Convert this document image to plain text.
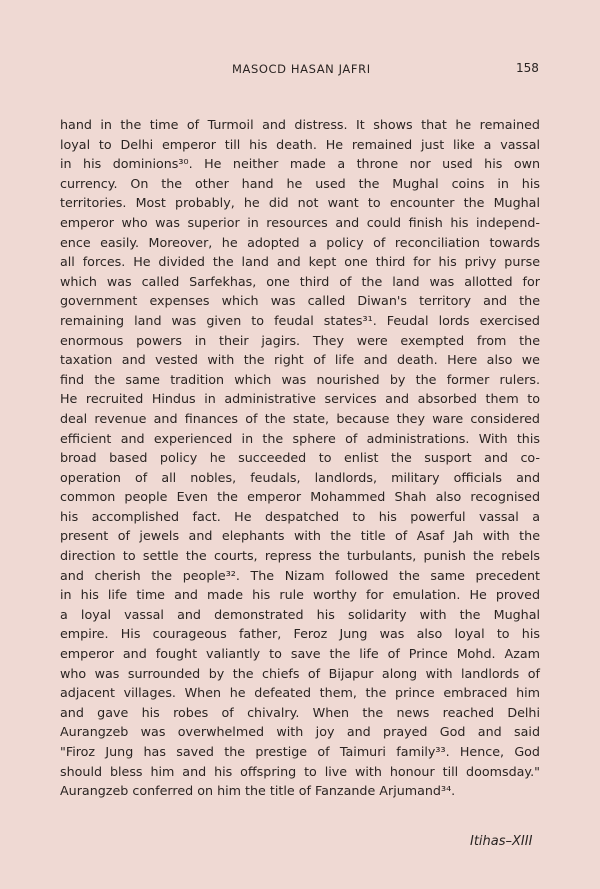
MASOCD HASAN JAFRI	158
hand in the time of Turmoil and distress. It shows that he remained
loyal to Delhi emperor till his death. He remained just like a vassal
in his dominions³⁰. He neither made a throne nor used his own
currency. On the other hand he used the Mughal coins in his
territories. Most probably, he did not want to encounter the Mughal
emperor who was superior in resources and could finish his independ-
ence easily. Moreover, he adopted a policy of reconciliation towards
all forces. He divided the land and kept one third for his privy purse
which was called Sarfekhas, one third of the land was allotted for
government expenses which was called Diwan's territory and the
remaining land was given to feudal states³¹. Feudal lords exercised
enormous powers in their jagirs. They were exempted from the
taxation and vested with the right of life and death. Here also we
find the same tradition which was nourished by the former rulers.
He recruited Hindus in administrative services and absorbed them to
deal revenue and finances of the state, because they ware considered
efficient and experienced in the sphere of administrations. With this
broad based policy he succeeded to enlist the susport and co-
operation of all nobles, feudals, landlords, military officials and
common people Even the emperor Mohammed Shah also recognised
his accomplished fact. He despatched to his powerful vassal a
present of jewels and elephants with the title of Asaf Jah with the
direction to settle the courts, repress the turbulants, punish the rebels
and cherish the people³². The Nizam followed the same precedent
in his life time and made his rule worthy for emulation. He proved
a loyal vassal and demonstrated his solidarity with the Mughal
empire. His courageous father, Feroz Jung was also loyal to his
emperor and fought valiantly to save the life of Prince Mohd. Azam
who was surrounded by the chiefs of Bijapur along with landlords of
adjacent villages. When he defeated them, the prince embraced him
and gave his robes of chivalry. When the news reached Delhi
Aurangzeb was overwhelmed with joy and prayed God and said
"Firoz Jung has saved the prestige of Taimuri family³³. Hence, God
should bless him and his offspring to live with honour till doomsday."
Aurangzeb conferred on him the title of Fanzande Arjumand³⁴.
Itihas–XIII
